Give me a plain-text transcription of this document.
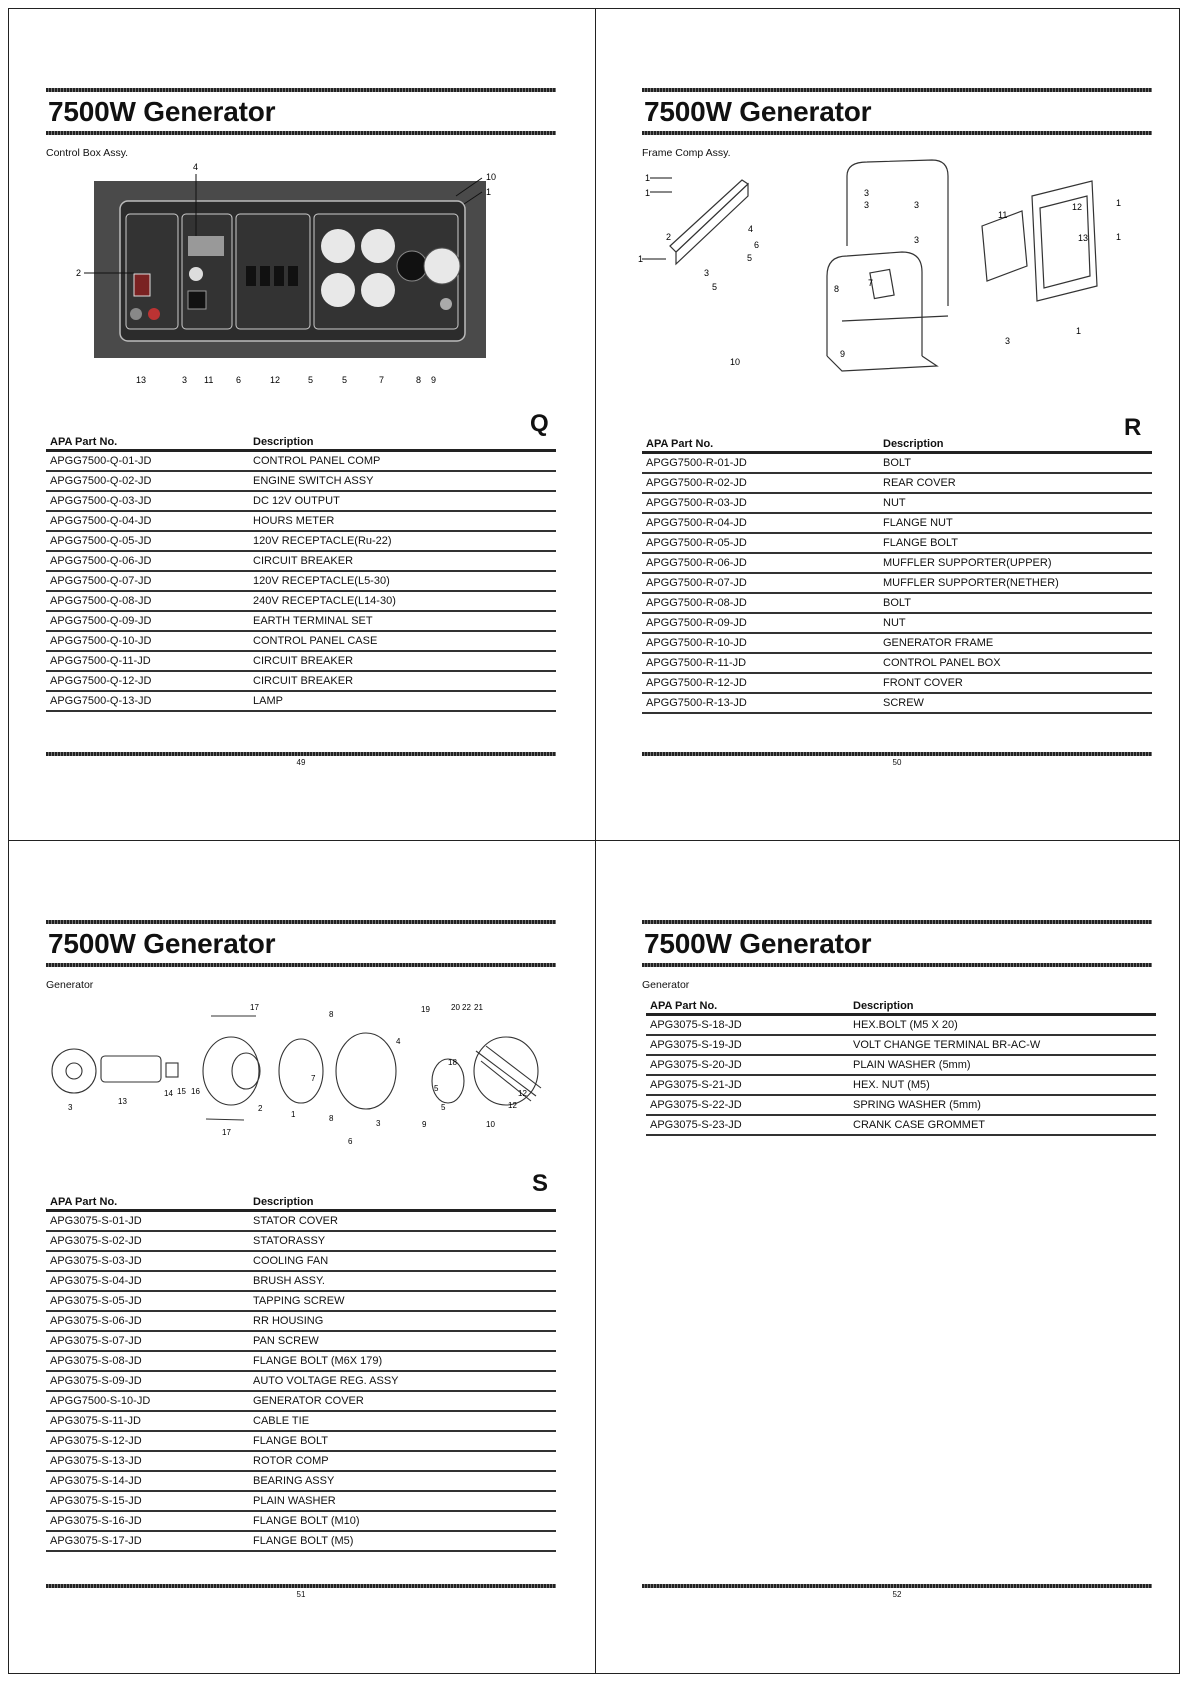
7500W Generator
Control Box Assy.
2
4
10
1
13	3 11	6	12	5	5	7	8 9
Q
APA Part No.	Description
APGG7500-Q-01-JD	CONTROL PANEL COMP
APGG7500-Q-02-JD	ENGINE SWITCH ASSY
APGG7500-Q-03-JD	DC 12V OUTPUT
APGG7500-Q-04-JD	HOURS METER
APGG7500-Q-05-JD	120V RECEPTACLE(Ru-22)
APGG7500-Q-06-JD	CIRCUIT BREAKER
APGG7500-Q-07-JD	120V RECEPTACLE(L5-30)
APGG7500-Q-08-JD	240V RECEPTACLE(L14-30)
APGG7500-Q-09-JD	EARTH TERMINAL SET
APGG7500-Q-10-JD	CONTROL PANEL CASE
APGG7500-Q-11-JD	CIRCUIT BREAKER
APGG7500-Q-12-JD	CIRCUIT BREAKER
APGG7500-Q-13-JD	LAMP
49
7500W Generator
Frame Comp Assy.
1
1
2
1
3
5
4
6
5
3
3	3
3
8
7
9
10
11
12	1
13	1
1
3
R
APA Part No.	Description
APGG7500-R-01-JD	BOLT
APGG7500-R-02-JD	REAR COVER
APGG7500-R-03-JD	NUT
APGG7500-R-04-JD	FLANGE NUT
APGG7500-R-05-JD	FLANGE BOLT
APGG7500-R-06-JD	MUFFLER SUPPORTER(UPPER)
APGG7500-R-07-JD	MUFFLER SUPPORTER(NETHER)
APGG7500-R-08-JD	BOLT
APGG7500-R-09-JD	NUT
APGG7500-R-10-JD	GENERATOR FRAME
APGG7500-R-11-JD	CONTROL PANEL BOX
APGG7500-R-12-JD	FRONT COVER
APGG7500-R-13-JD	SCREW
50
7500W Generator
Generator
17
8
19	20 22 21
4
3
13
14 15 16
2
1
7
5
18
5
12
12
17
8
6
3	9	10
S
APA Part No.	Description
APG3075-S-01-JD	STATOR COVER
APG3075-S-02-JD	STATORASSY
APG3075-S-03-JD	COOLING FAN
APG3075-S-04-JD	BRUSH ASSY.
APG3075-S-05-JD	TAPPING SCREW
APG3075-S-06-JD	RR HOUSING
APG3075-S-07-JD	PAN SCREW
APG3075-S-08-JD	FLANGE BOLT (M6X 179)
APG3075-S-09-JD	AUTO VOLTAGE REG. ASSY
APGG7500-S-10-JD	GENERATOR COVER
APG3075-S-11-JD	CABLE TIE
APG3075-S-12-JD	FLANGE BOLT
APG3075-S-13-JD	ROTOR COMP
APG3075-S-14-JD	BEARING ASSY
APG3075-S-15-JD	PLAIN WASHER
APG3075-S-16-JD	FLANGE BOLT (M10)
APG3075-S-17-JD	FLANGE BOLT (M5)
51
7500W Generator
Generator
APA Part No.	Description
APG3075-S-18-JD	HEX.BOLT (M5 X 20)
APG3075-S-19-JD	VOLT CHANGE TERMINAL BR-AC-W
APG3075-S-20-JD	PLAIN WASHER (5mm)
APG3075-S-21-JD	HEX. NUT (M5)
APG3075-S-22-JD	SPRING WASHER (5mm)
APG3075-S-23-JD	CRANK CASE GROMMET
52
